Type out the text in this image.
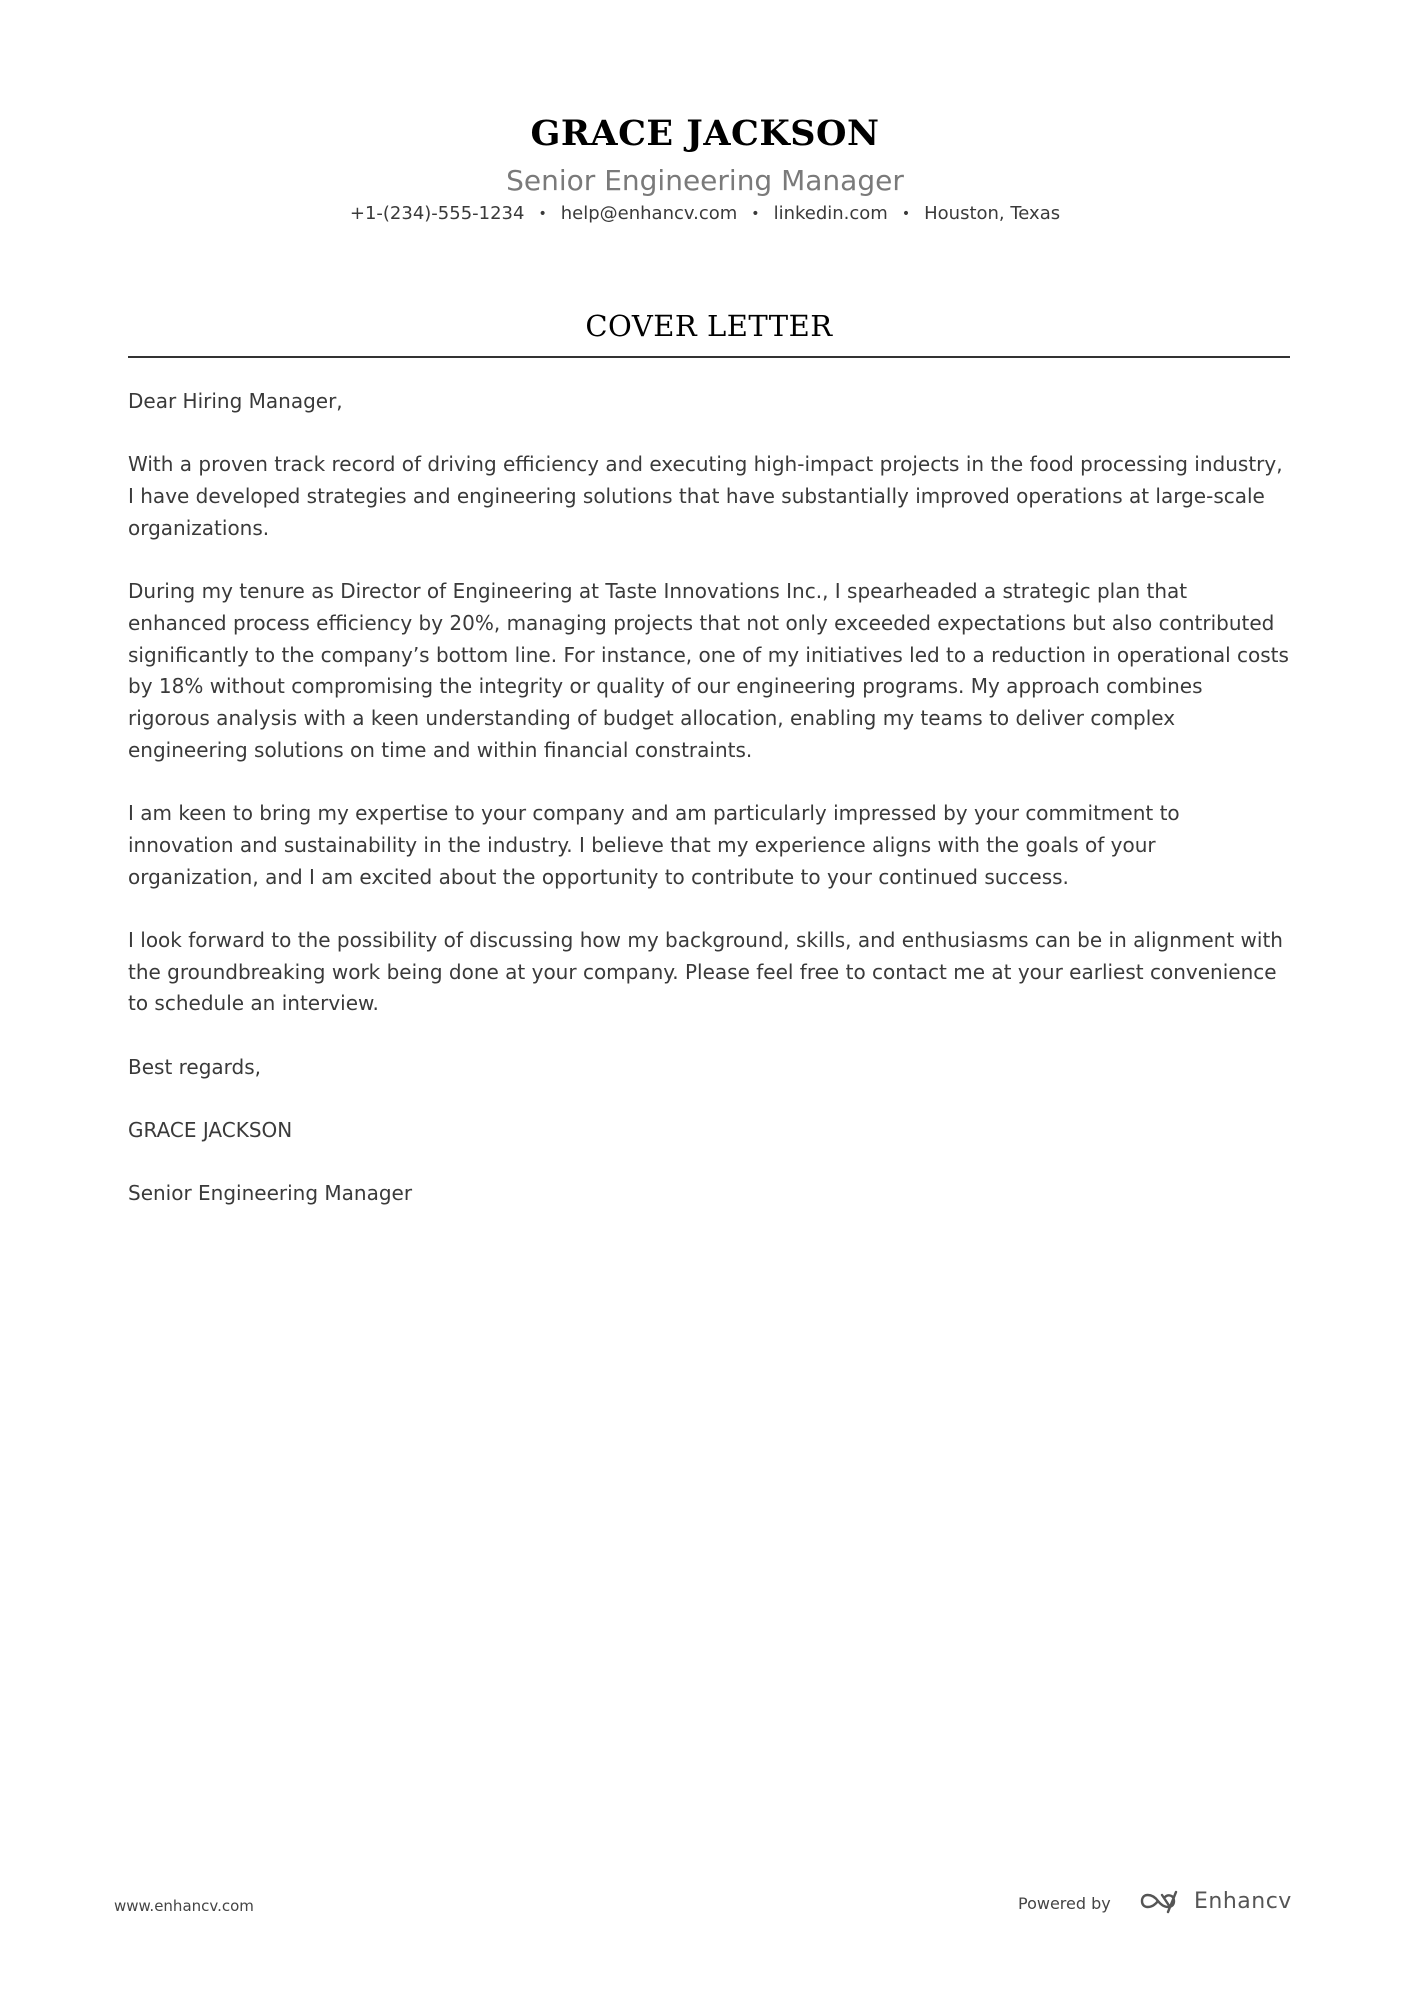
GRACE JACKSON
Senior Engineering Manager
+1-(234)-555-1234 • help@enhancv.com • linkedin.com • Houston, Texas
COVER LETTER

Dear Hiring Manager,

With a proven track record of driving efficiency and executing high-impact projects in the food processing industry, I have developed strategies and engineering solutions that have substantially improved operations at large-scale organizations.

During my tenure as Director of Engineering at Taste Innovations Inc., I spearheaded a strategic plan that enhanced process efficiency by 20%, managing projects that not only exceeded expectations but also contributed significantly to the company’s bottom line. For instance, one of my initiatives led to a reduction in operational costs by 18% without compromising the integrity or quality of our engineering programs. My approach combines rigorous analysis with a keen understanding of budget allocation, enabling my teams to deliver complex engineering solutions on time and within financial constraints.

I am keen to bring my expertise to your company and am particularly impressed by your commitment to innovation and sustainability in the industry. I believe that my experience aligns with the goals of your organization, and I am excited about the opportunity to contribute to your continued success.

I look forward to the possibility of discussing how my background, skills, and enthusiasms can be in alignment with the groundbreaking work being done at your company. Please feel free to contact me at your earliest convenience to schedule an interview.

Best regards,

GRACE JACKSON

Senior Engineering Manager

www.enhancv.com	Powered by	Enhancv
